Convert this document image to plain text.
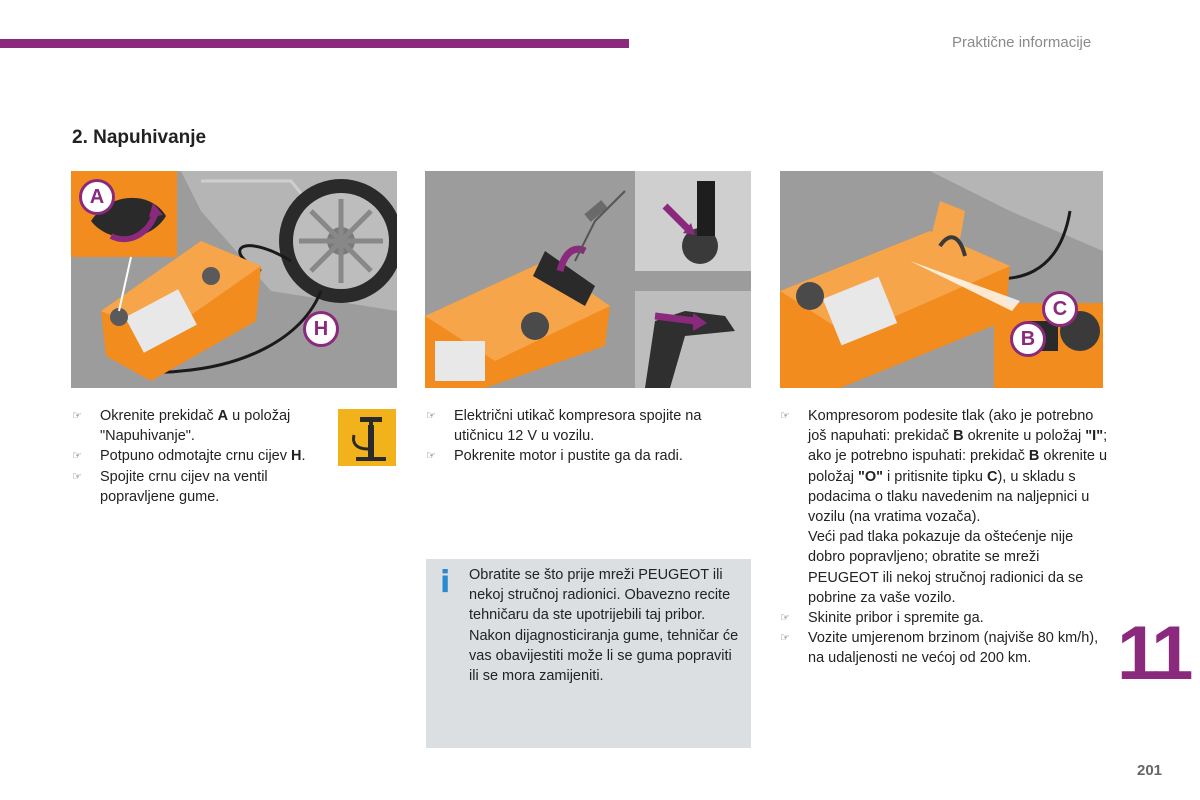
Praktične informacije
2. Napuhivanje
A
H
C
B
☞ Okrenite prekidač A u položaj "Napuhivanje".
☞ Potpuno odmotajte crnu cijev H.
☞ Spojite crnu cijev na ventil popravljene gume.
☞ Električni utikač kompresora spojite na utičnicu 12 V u vozilu.
☞ Pokrenite motor i pustite ga da radi.
☞ Kompresorom podesite tlak (ako je potrebno još napuhati: prekidač B okrenite u položaj "I"; ako je potrebno ispuhati: prekidač B okrenite u položaj "O" i pritisnite tipku C), u skladu s podacima o tlaku navedenim na naljepnici u vozilu (na vratima vozača).
Veći pad tlaka pokazuje da oštećenje nije dobro popravljeno; obratite se mreži PEUGEOT ili nekoj stručnoj radionici da se pobrine za vaše vozilo.
☞ Skinite pribor i spremite ga.
☞ Vozite umjerenom brzinom (najviše 80 km/h), na udaljenosti ne većoj od 200 km.
i Obratite se što prije mreži PEUGEOT ili nekoj stručnoj radionici. Obavezno recite tehničaru da ste upotrijebili taj pribor. Nakon dijagnosticiranja gume, tehničar će vas obavijestiti može li se guma popraviti ili se mora zamijeniti.	11
201
